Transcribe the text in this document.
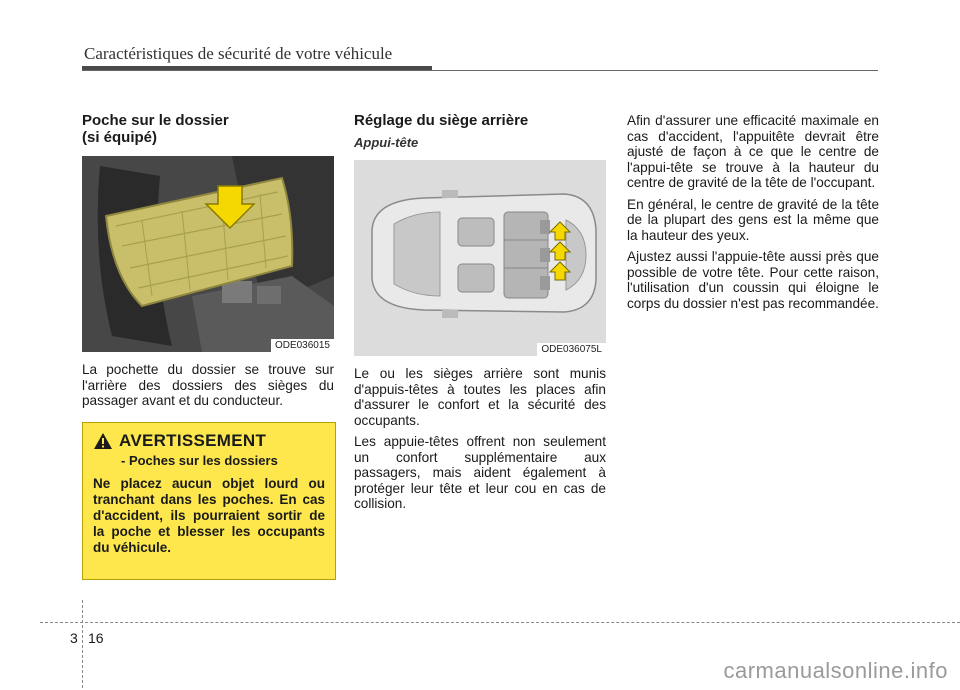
Caractéristiques de sécurité de votre véhicule
Poche sur le dossier
(si équipé)
ODE036015

La pochette du dossier se trouve sur l'arrière des dossiers des sièges du passager avant et du conducteur.

AVERTISSEMENT
- Poches sur les dossiers
Ne placez aucun objet lourd ou tranchant dans les poches. En cas d'accident, ils pourraient sortir de la poche et blesser les occupants du véhicule.
Réglage du siège arrière
Appui-tête
ODE036075L

Le ou les sièges arrière sont munis d'appuis-têtes à toutes les places afin d'assurer le confort et la sécurité des occupants.

Les appuie-têtes offrent non seulement un confort supplémentaire aux passagers, mais aident également à protéger leur tête et leur cou en cas de collision.

Afin d'assurer une efficacité maximale en cas d'accident, l'appuitête devrait être ajusté de façon à ce que le centre de l'appui-tête se trouve à la hauteur du centre de gravité de la tête de l'occupant.

En général, le centre de gravité de la tête de la plupart des gens est la même que la hauteur des yeux.

Ajustez aussi l'appuie-tête aussi près que possible de votre tête. Pour cette raison, l'utilisation d'un coussin qui éloigne le corps du dossier n'est pas recommandée.

3 16
carmanualsonline.info
